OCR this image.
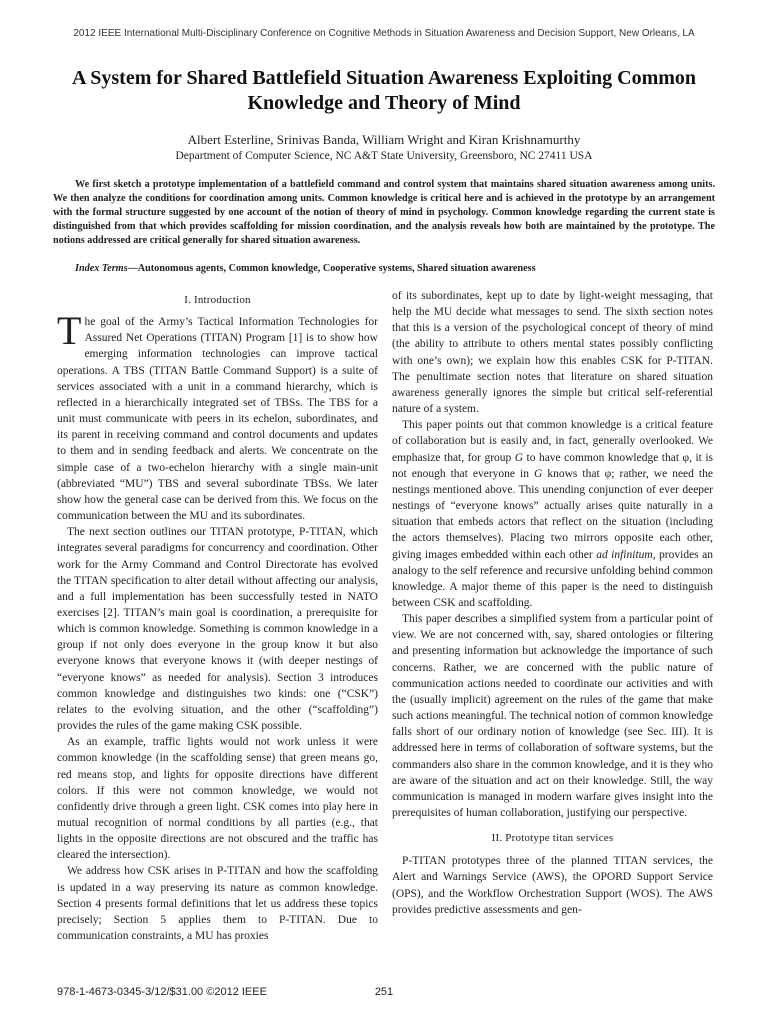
2012 IEEE International Multi-Disciplinary Conference on Cognitive Methods in Situation Awareness and Decision Support, New Orleans, LA
A System for Shared Battlefield Situation Awareness Exploiting Common Knowledge and Theory of Mind
Albert Esterline, Srinivas Banda, William Wright and Kiran Krishnamurthy
Department of Computer Science, NC A&T State University, Greensboro, NC 27411 USA

We first sketch a prototype implementation of a battlefield command and control system that maintains shared situation awareness among units. We then analyze the conditions for coordination among units. Common knowledge is critical here and is achieved in the prototype by an arrangement with the formal structure suggested by one account of the notion of theory of mind in psychology. Common knowledge regarding the current state is distinguished from that which provides scaffolding for mission coordination, and the analysis reveals how both are maintained by the prototype. The notions addressed are critical generally for shared situation awareness.

Index Terms—Autonomous agents, Common knowledge, Cooperative systems, Shared situation awareness

I. Introduction

The goal of the Army’s Tactical Information Technologies for Assured Net Operations (TITAN) Program [1] is to show how emerging information technologies can improve tactical operations. A TBS (TITAN Battle Command Support) is a suite of services associated with a unit in a command hierarchy, which is reflected in a hierarchically integrated set of TBSs. The TBS for a unit must communicate with peers in its echelon, subordinates, and its parent in receiving command and control documents and updates to them and in sending feedback and alerts. We concentrate on the simple case of a two-echelon hierarchy with a single main-unit (abbreviated “MU”) TBS and several subordinate TBSs. We later show how the general case can be derived from this. We focus on the communication between the MU and its subordinates.

The next section outlines our TITAN prototype, P-TITAN, which integrates several paradigms for concurrency and coordination. Other work for the Army Command and Control Directorate has evolved the TITAN specification to alter detail without affecting our analysis, and a full implementation has been successfully tested in NATO exercises [2]. TITAN’s main goal is coordination, a prerequisite for which is common knowledge. Something is common knowledge in a group if not only does everyone in the group know it but also everyone knows that everyone knows it (with deeper nestings of “everyone knows” as needed for analysis). Section 3 introduces common knowledge and distinguishes two kinds: one (“CSK”) relates to the evolving situation, and the other (“scaffolding”) provides the rules of the game making CSK possible.

As an example, traffic lights would not work unless it were common knowledge (in the scaffolding sense) that green means go, red means stop, and lights for opposite directions have different colors. If this were not common knowledge, we would not confidently drive through a green light. CSK comes into play here in mutual recognition of normal conditions by all parties (e.g., that lights in the opposite directions are not obscured and the traffic has cleared the intersection).

We address how CSK arises in P-TITAN and how the scaffolding is updated in a way preserving its nature as common knowledge. Section 4 presents formal definitions that let us address these topics precisely; Section 5 applies them to P-TITAN. Due to communication constraints, a MU has proxies

of its subordinates, kept up to date by light-weight messaging, that help the MU decide what messages to send. The sixth section notes that this is a version of the psychological concept of theory of mind (the ability to attribute to others mental states possibly conflicting with one’s own); we explain how this enables CSK for P-TITAN. The penultimate section notes that literature on shared situation awareness generally ignores the simple but critical self-referential nature of a system.

This paper points out that common knowledge is a critical feature of collaboration but is easily and, in fact, generally overlooked. We emphasize that, for group G to have common knowledge that φ, it is not enough that everyone in G knows that φ; rather, we need the nestings mentioned above. This unending conjunction of ever deeper nestings of “everyone knows” actually arises quite naturally in a situation that embeds actors that reflect on the situation (including the actors themselves). Placing two mirrors opposite each other, giving images embedded within each other ad infinitum, provides an analogy to the self reference and recursive unfolding behind common knowledge. A major theme of this paper is the need to distinguish between CSK and scaffolding.

This paper describes a simplified system from a particular point of view. We are not concerned with, say, shared ontologies or filtering and presenting information but acknowledge the importance of such concerns. Rather, we are concerned with the public nature of communication actions needed to coordinate our activities and with the (usually implicit) agreement on the rules of the game that make such actions meaningful. The technical notion of common knowledge falls short of our ordinary notion of knowledge (see Sec. III). It is addressed here in terms of collaboration of software systems, but the commanders also share in the common knowledge, and it is they who are aware of the situation and act on their knowledge. Still, the way communication is managed in modern warfare gives insight into the prerequisites of human collaboration, justifying our perspective.

II. Prototype titan services

P-TITAN prototypes three of the planned TITAN services, the Alert and Warnings Service (AWS), the OPORD Support Service (OPS), and the Workflow Orchestration Support (WOS). The AWS provides predictive assessments and gen-

978-1-4673-0345-3/12/$31.00 ©2012 IEEE	251
